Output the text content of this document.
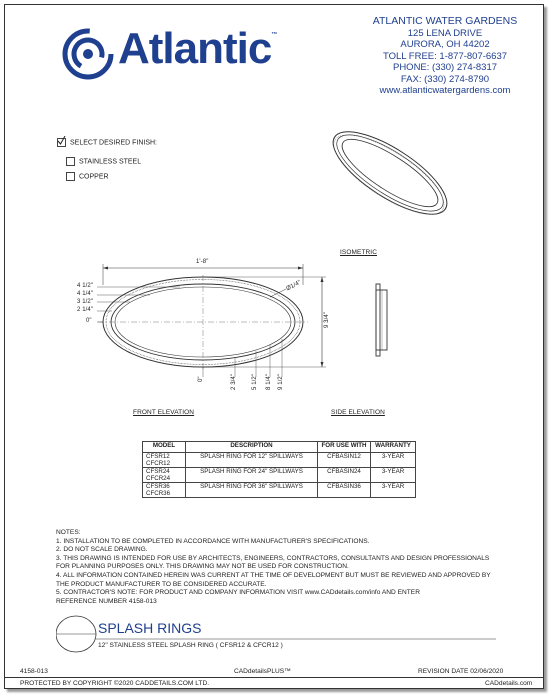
Atlantic™
ATLANTIC WATER GARDENS
125 LENA DRIVE
AURORA, OH 44202
TOLL FREE: 1-877-807-6637
PHONE: (330) 274-8317
FAX: (330) 274-8790
www.atlanticwatergardens.com
SELECT DESIRED FINISH:
STAINLESS STEEL
COPPER
ISOMETRIC
1'-8"
Ø1/4"
9 3/4"
4 1/2"
4 1/4"
3 1/2"
2 1/4"
0"
0"	2 3/4"	5 1/2" 8 1/4" 9 1/2"
FRONT ELEVATION	SIDE ELEVATION
MODEL	DESCRIPTION	FOR USE WITH	WARRANTY

CFSR12
CFCR12	SPLASH RING FOR 12" SPILLWAYS	CFBASIN12	3-YEAR

CFSR24
CFCR24	SPLASH RING FOR 24" SPILLWAYS	CFBASIN24	3-YEAR

CFSR36
CFCR36	SPLASH RING FOR 36" SPILLWAYS	CFBASIN36	3-YEAR
NOTES:
1. INSTALLATION TO BE COMPLETED IN ACCORDANCE WITH MANUFACTURER'S SPECIFICATIONS.
2. DO NOT SCALE DRAWING.
3. THIS DRAWING IS INTENDED FOR USE BY ARCHITECTS, ENGINEERS, CONTRACTORS, CONSULTANTS AND DESIGN PROFESSIONALS
FOR PLANNING PURPOSES ONLY. THIS DRAWING MAY NOT BE USED FOR CONSTRUCTION.
4. ALL INFORMATION CONTAINED HEREIN WAS CURRENT AT THE TIME OF DEVELOPMENT BUT MUST BE REVIEWED AND APPROVED BY
THE PRODUCT MANUFACTURER TO BE CONSIDERED ACCURATE.
5. CONTRACTOR'S NOTE: FOR PRODUCT AND COMPANY INFORMATION VISIT www.CADdetails.com/info AND ENTER
REFERENCE NUMBER 4158-013
SPLASH RINGS
12" STAINLESS STEEL SPLASH RING ( CFSR12 & CFCR12 )
4158-013	CADdetailsPLUS™	REVISION DATE 02/06/2020
PROTECTED BY COPYRIGHT ©2020 CADDETAILS.COM LTD.	CADdetails.com
